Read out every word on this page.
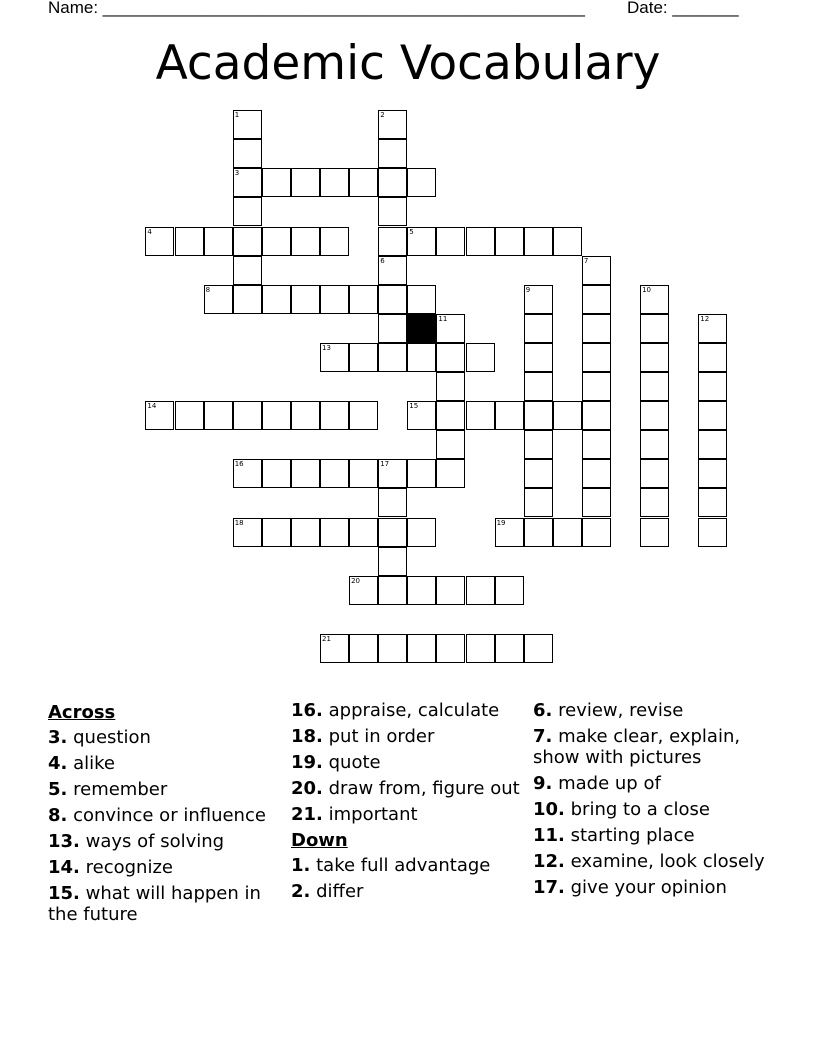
Name: ___________________________________________________ Date: _______
Academic Vocabulary
3
4	5
8
13
14	15
16	17
18	19
20
21
1	2
6	7
9	10
11	12
Across
3. question
4. alike
5. remember
8. convince or influence
13. ways of solving
14. recognize
15. what will happen in the future
16. appraise, calculate
18. put in order
19. quote
20. draw from, figure out
21. important
Down
1. take full advantage
2. differ
6. review, revise
7. make clear, explain, show with pictures
9. made up of
10. bring to a close
11. starting place
12. examine, look closely
17. give your opinion
